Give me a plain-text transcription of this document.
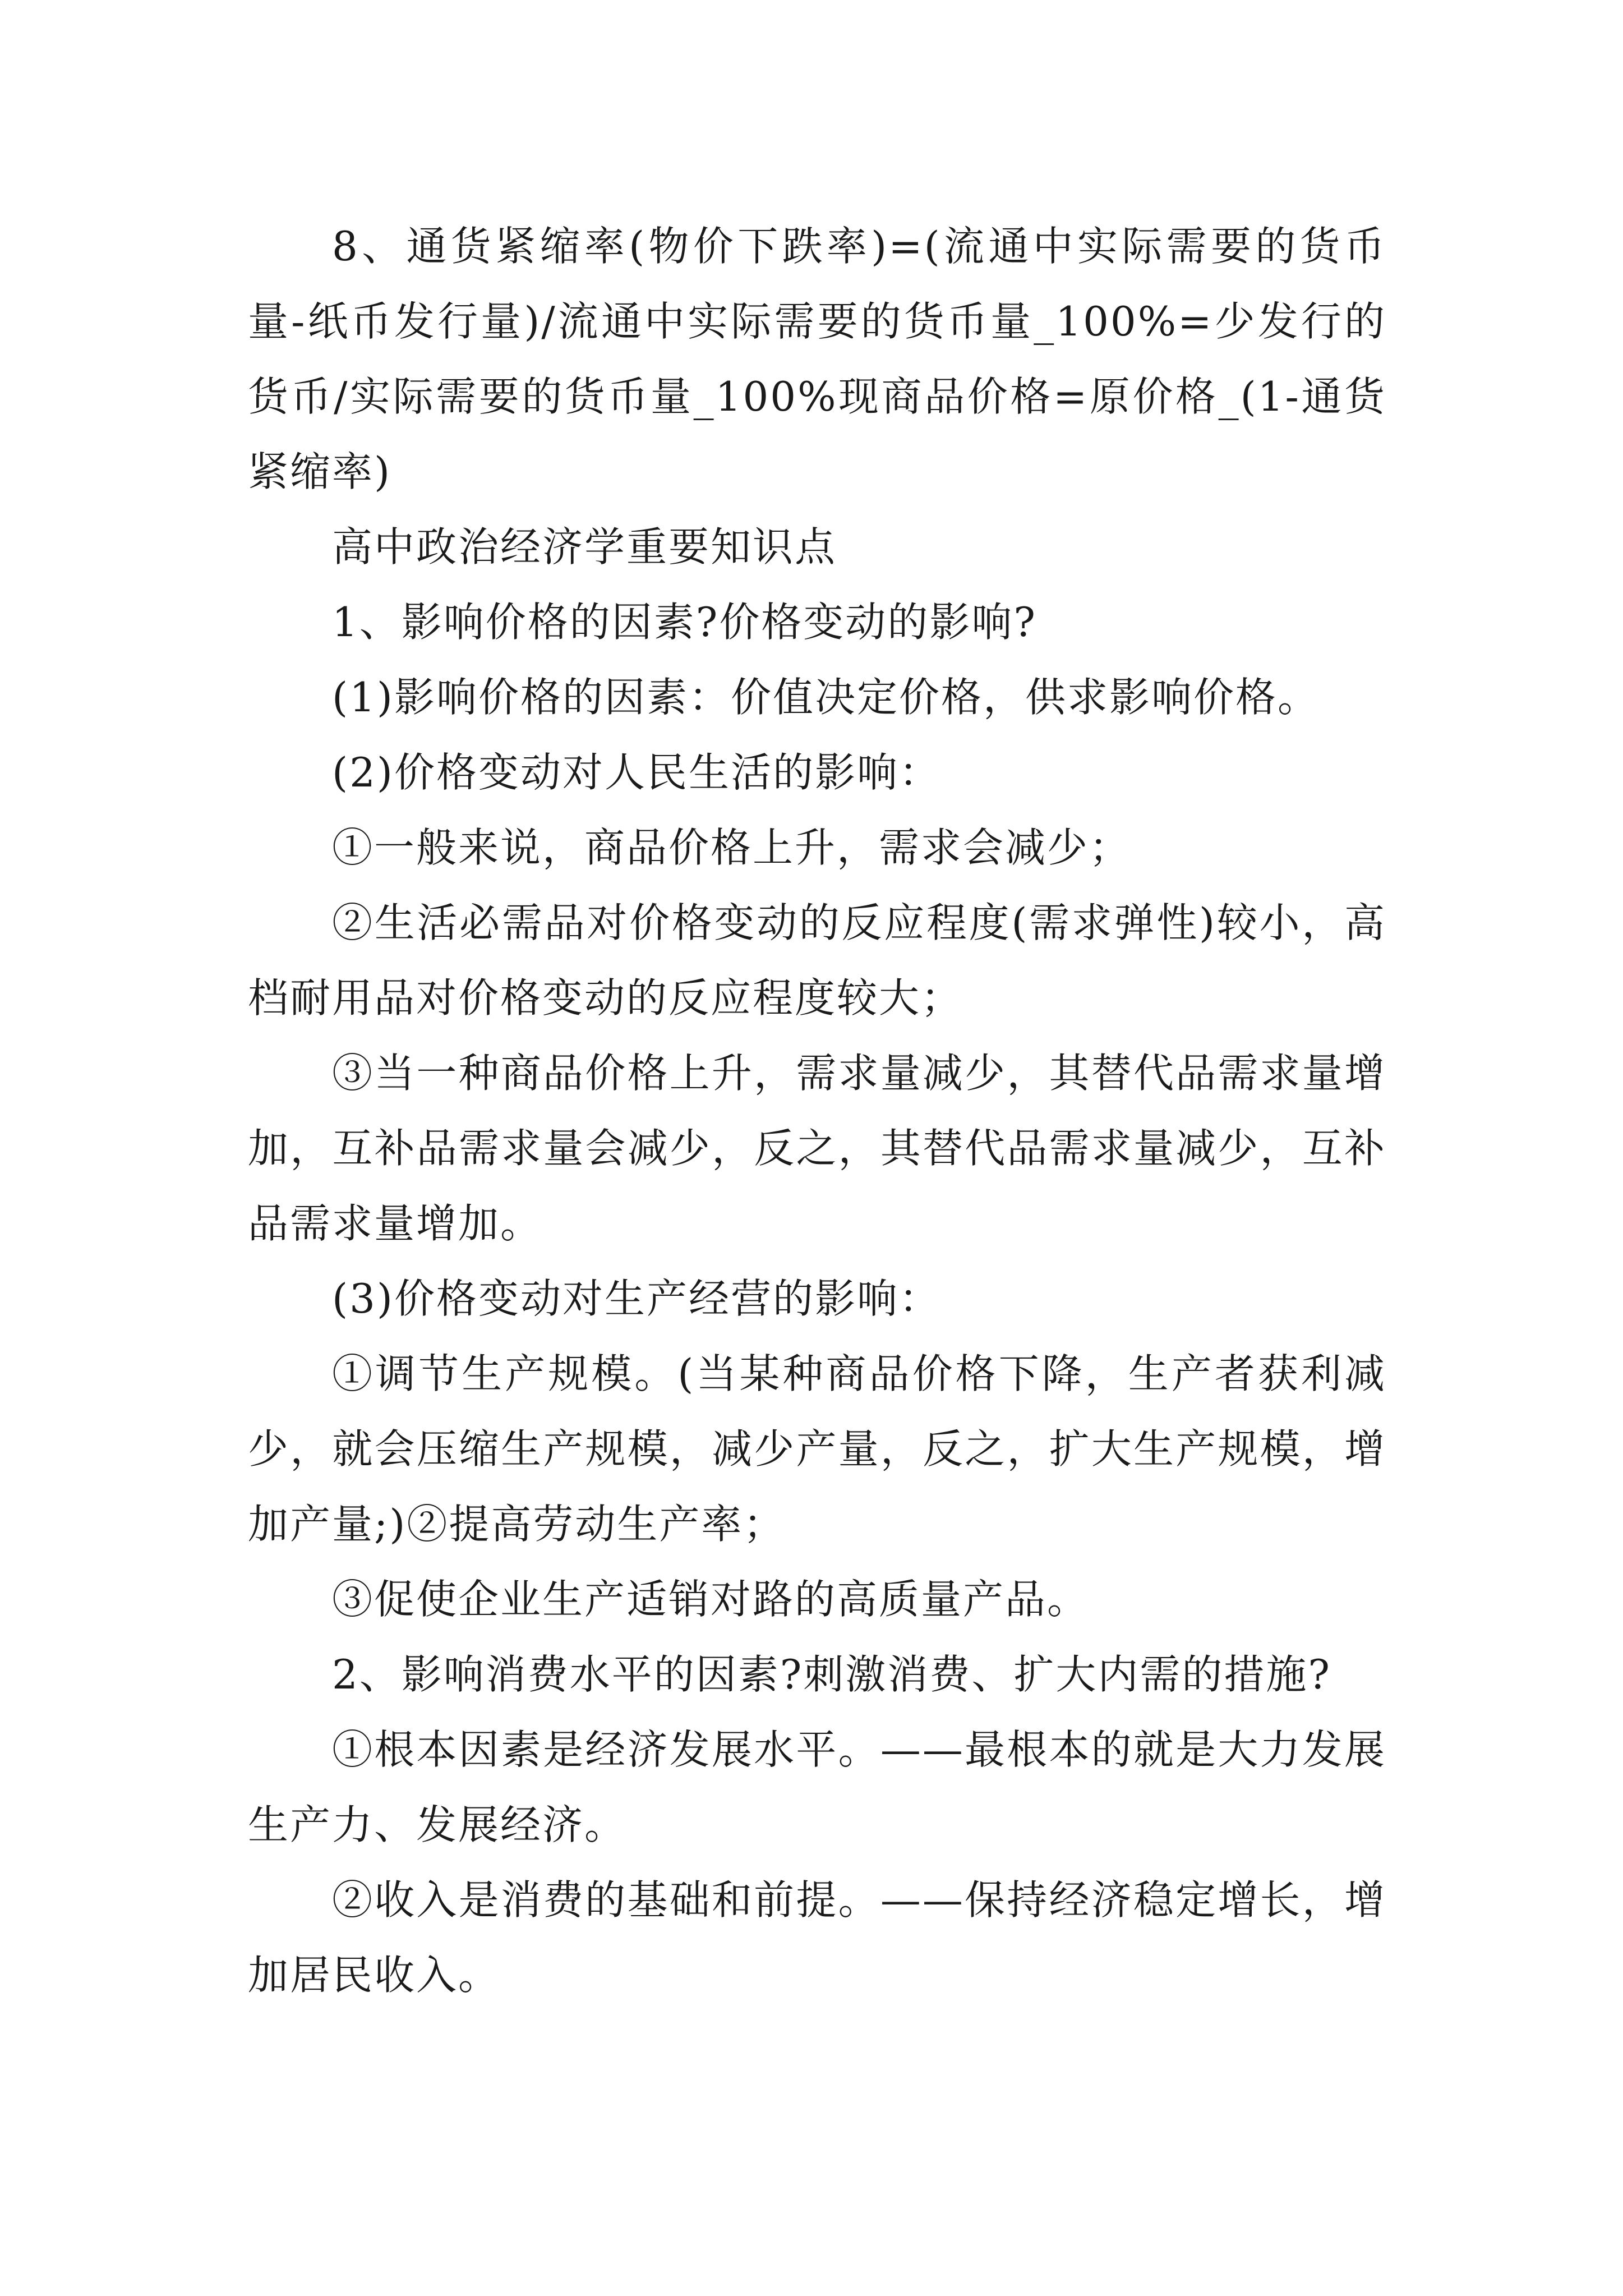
8、通货紧缩率(物价下跌率)=(流通中实际需要的货币量-纸币发行量)/流通中实际需要的货币量_100%=少发行的货币/实际需要的货币量_100%现商品价格=原价格_(1-通货紧缩率)

高中政治经济学重要知识点

1、影响价格的因素?价格变动的影响?

(1)影响价格的因素：价值决定价格，供求影响价格。

(2)价格变动对人民生活的影响：

①一般来说，商品价格上升，需求会减少；

②生活必需品对价格变动的反应程度(需求弹性)较小，高档耐用品对价格变动的反应程度较大；

③当一种商品价格上升，需求量减少，其替代品需求量增加，互补品需求量会减少，反之，其替代品需求量减少，互补品需求量增加。

(3)价格变动对生产经营的影响：

①调节生产规模。(当某种商品价格下降，生产者获利减少，就会压缩生产规模，减少产量，反之，扩大生产规模，增加产量;)②提高劳动生产率；

③促使企业生产适销对路的高质量产品。

2、影响消费水平的因素?刺激消费、扩大内需的措施?

①根本因素是经济发展水平。——最根本的就是大力发展生产力、发展经济。

②收入是消费的基础和前提。——保持经济稳定增长，增加居民收入。
